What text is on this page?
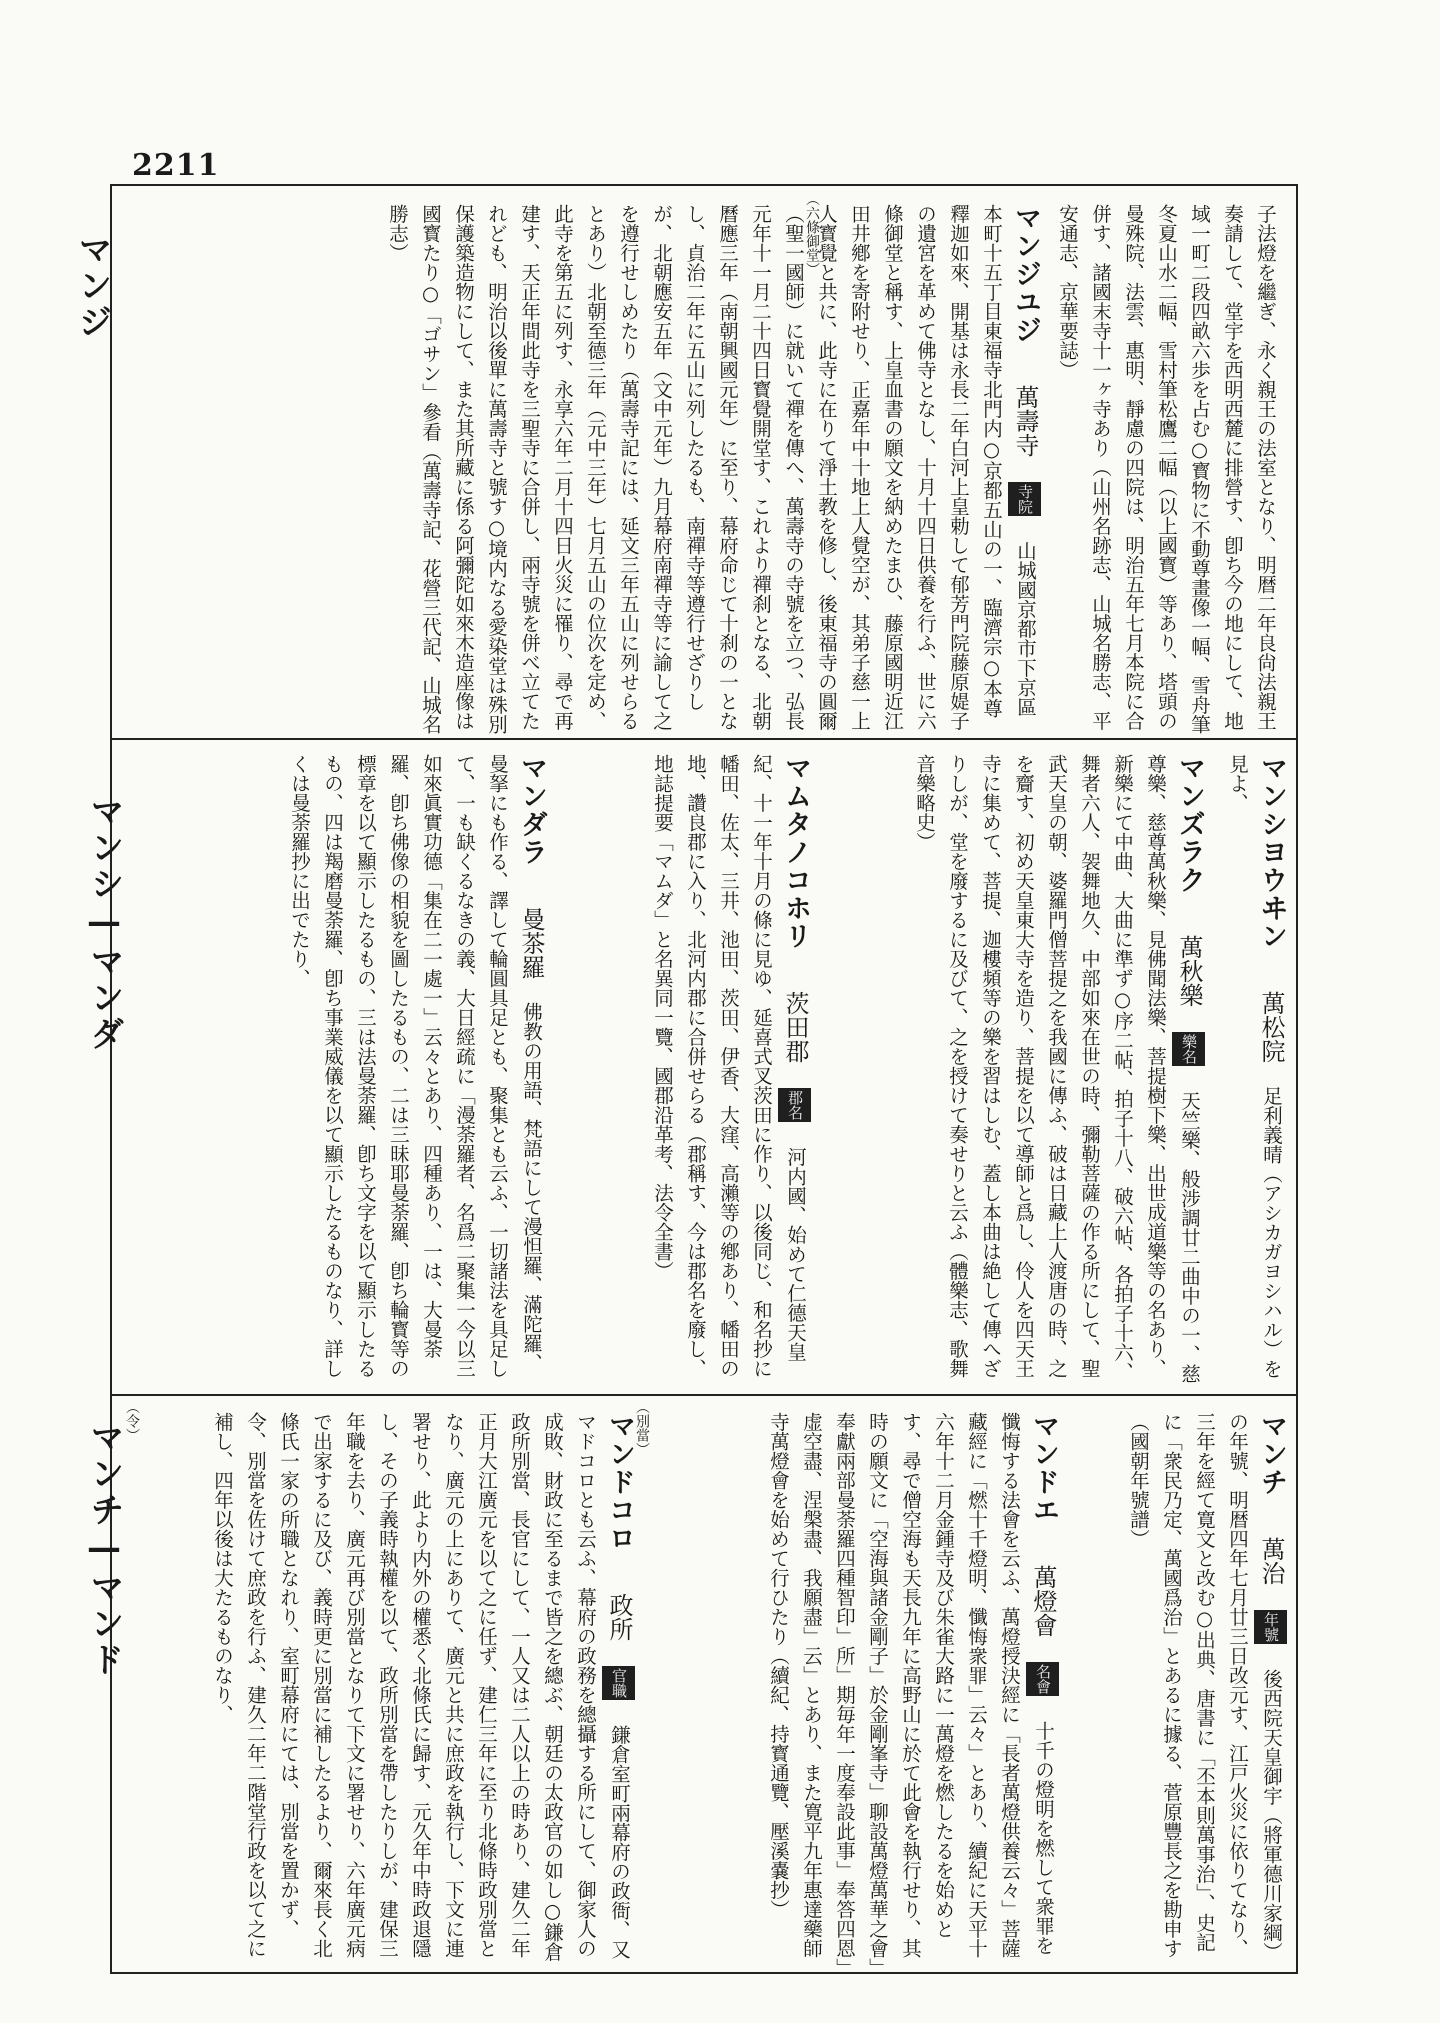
2211
マンジ
マンシ—マンダ
マンチ—マンド
（六條御堂）	子法燈を繼ぎ、永く親王の法室となり、明暦二年良尙法親王奏請して、堂宇を西明西麓に排營す、卽ち今の地にして、地域一町二段四畝六歩を占む○寳物に不動尊畫像一幅、雪舟筆冬夏山水二幅、雪村筆松鷹二幅（以上國寳）等あり、塔頭の曼殊院、法雲、惠明、靜慮の四院は、明治五年七月本院に合併す、諸國末寺十一ヶ寺あり（山州名跡志、山城名勝志、平安通志、京華要誌）
マンジユジ 萬壽寺 寺院 山城國京都市下京區本町十五丁目東福寺北門内○京都五山の一、臨濟宗○本尊釋迦如來、開基は永長二年白河上皇勅して郁芳門院藤原媞子の遺宮を革めて佛寺となし、十月十四日供養を行ふ、世に六條御堂と稱す、上皇血書の願文を納めたまひ、藤原國明近江田井鄕を寄附せり、正嘉年中十地上人覺空が、其弟子慈一上人寳覺と共に、此寺に在りて淨土教を修し、後東福寺の圓爾（聖一國師）に就いて禪を傳へ、萬壽寺の寺號を立つ、弘長元年十一月二十四日寳覺開堂す、これより禪刹となる、北朝曆應三年（南朝興國元年）に至り、幕府命じて十刹の一となし、貞治二年に五山に列したるも、南禪寺等遵行せざりしが、北朝應安五年（文中元年）九月幕府南禪寺等に諭して之を遵行せしめたり（萬壽寺記には、延文三年五山に列せらるとあり）北朝至德三年（元中三年）七月五山の位次を定め、此寺を第五に列す、永享六年二月十四日火災に罹り、尋で再建す、天正年間此寺を三聖寺に合併し、兩寺號を併べ立てたれども、明治以後單に萬壽寺と號す○境内なる愛染堂は殊別保護築造物にして、また其所藏に係る阿彌陀如來木造座像は國寳たり○「ゴサン」參看（萬壽寺記、花營三代記、山城名勝志）
マンシヨウヰン 萬松院 足利義晴（アシカガヨシハル）を見よ、
マンズラク 萬秋樂 樂名 天竺樂、般涉調廿二曲中の一、慈尊樂、慈尊萬秋樂、見佛聞法樂、菩提樹下樂、出世成道樂等の名あり、新樂にて中曲、大曲に準ず○序二帖、拍子十八、破六帖、各拍子十六、舞者六人、袈舞地久、中部如來在世の時、彌勒菩薩の作る所にして、聖武天皇の朝、婆羅門僧菩提之を我國に傳ふ、破は日藏上人渡唐の時、之を齎す、初め天皇東大寺を造り、菩提を以て導師と爲し、伶人を四天王寺に集めて、菩提、迦樓頻等の樂を習はしむ、蓋し本曲は絶して傳へざりしが、堂を廢するに及びて、之を授けて奏せりと云ふ（體樂志、歌舞音樂略史）
マムタノコホリ 茨田郡 郡名 河内國、始めて仁德天皇紀、十一年十月の條に見ゆ、延喜式叉茨田に作り、以後同じ、和名抄に幡田、佐太、三井、池田、茨田、伊香、大窪、高瀨等の鄕あり、幡田の地、讚良郡に入り、北河内郡に合併せらる（郡稱す、今は郡名を廢し、地誌提要「マムダ」と名異同一覽、國郡沿革考、法令全書）
マンダラ 曼茶羅 佛教の用語、梵語にして漫怛羅、滿陀羅、曼拏にも作る、譯して輪圓具足とも、聚集とも云ふ、一切諸法を具足して、一も缺くるなきの義、大日經疏に「漫荼羅者、名爲二聚集一今以三如來眞實功德「集在二一處一」云々とあり、四種あり、一は、大曼荼羅、卽ち佛像の相貌を圖したるもの、二は三昧耶曼荼羅、卽ち輪寳等の標章を以て顯示したるもの、三は法曼荼羅、卽ち文字を以て顯示したるもの、四は羯磨曼荼羅、卽ち事業威儀を以て顯示したるものなり、詳しくは曼荼羅抄に出でたり、
（別當）
（令）	マンチ 萬治 年號 後西院天皇御宇（將軍德川家綱）の年號、明暦四年七月廿三日改元す、江戸火災に依りてなり、三年を經て寛文と改む○出典、唐書に「丕本則萬事治」、史記に「衆民乃定、萬國爲治」とあるに據る、菅原豐長之を勘申す（國朝年號譜）
マンドエ 萬燈會 名會 十千の燈明を燃して衆罪を懺悔する法會を云ふ、萬燈授決經に「長者萬燈供養云々」菩薩藏經に「燃十千燈明、懺悔衆罪」云々」とあり、續紀に天平十六年十二月金鍾寺及び朱雀大路に一萬燈を燃したるを始めとす、尋で僧空海も天長九年に高野山に於て此會を執行せり、其時の願文に「空海與諸金剛子」於金剛峯寺」聊設萬燈萬華之會」奉獻兩部曼荼羅四種智印」所」期毎年一度奉設此事」奉答四恩」虚空盡、涅槃盡、我願盡」云」とあり、また寛平九年惠達藥師寺萬燈會を始めて行ひたり（續紀、持寳通覽、壓溪嚢抄）
マンドコロ 政所 官職 鎌倉室町兩幕府の政衙、又マドコロとも云ふ、幕府の政務を總攝する所にして、御家人の成敗、財政に至るまで皆之を總ぶ、朝廷の太政官の如し○鎌倉政所別當、長官にして、一人又は二人以上の時あり、建久二年正月大江廣元を以て之に任ず、建仁三年に至り北條時政別當となり、廣元の上にありて、廣元と共に庶政を執行し、下文に連署せり、此より内外の權悉く北條氏に歸す、元久年中時政退隱し、その子義時執權を以て、政所別當を帶したりしが、建保三年職を去り、廣元再び別當となりて下文に署せり、六年廣元病で出家するに及び、義時更に別當に補したるより、爾來長く北條氏一家の所職となれり、室町幕府にては、別當を置かず、令、別當を佐けて庶政を行ふ、建久二年二階堂行政を以て之に補し、四年以後は大たるものなり、
